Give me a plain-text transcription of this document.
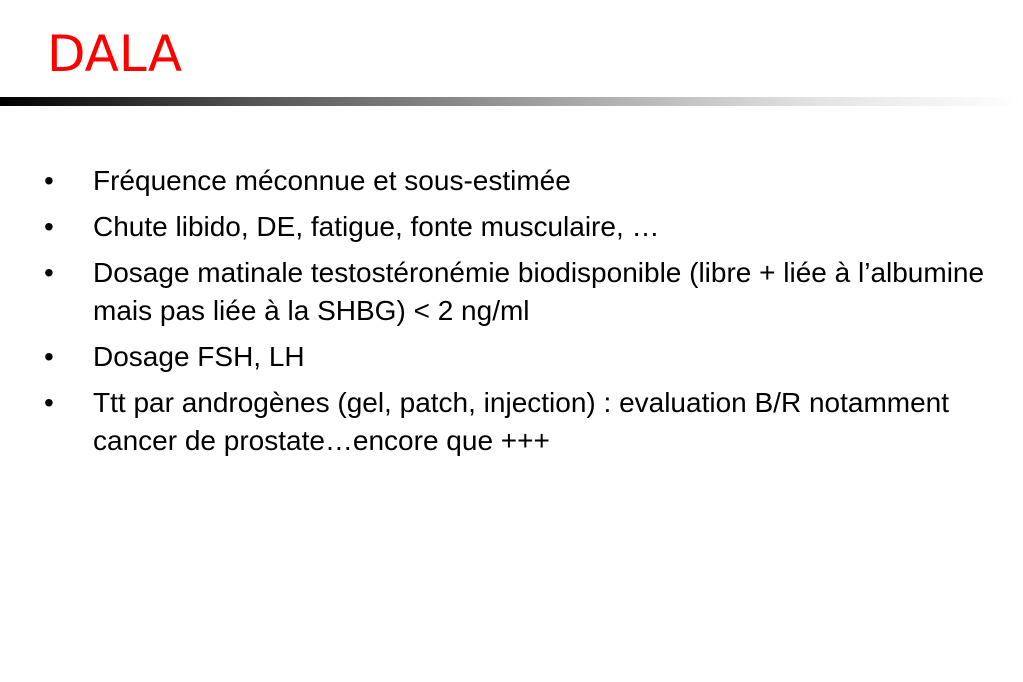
DALA
•	Fréquence méconnue et sous-estimée
•	Chute libido, DE, fatigue, fonte musculaire, …
•	Dosage matinale testostéronémie biodisponible (libre + liée à l’albumine mais pas liée à la SHBG) < 2 ng/ml
•	Dosage FSH, LH
•	Ttt par androgènes (gel, patch, injection) : evaluation B/R notamment cancer de prostate…encore que +++
